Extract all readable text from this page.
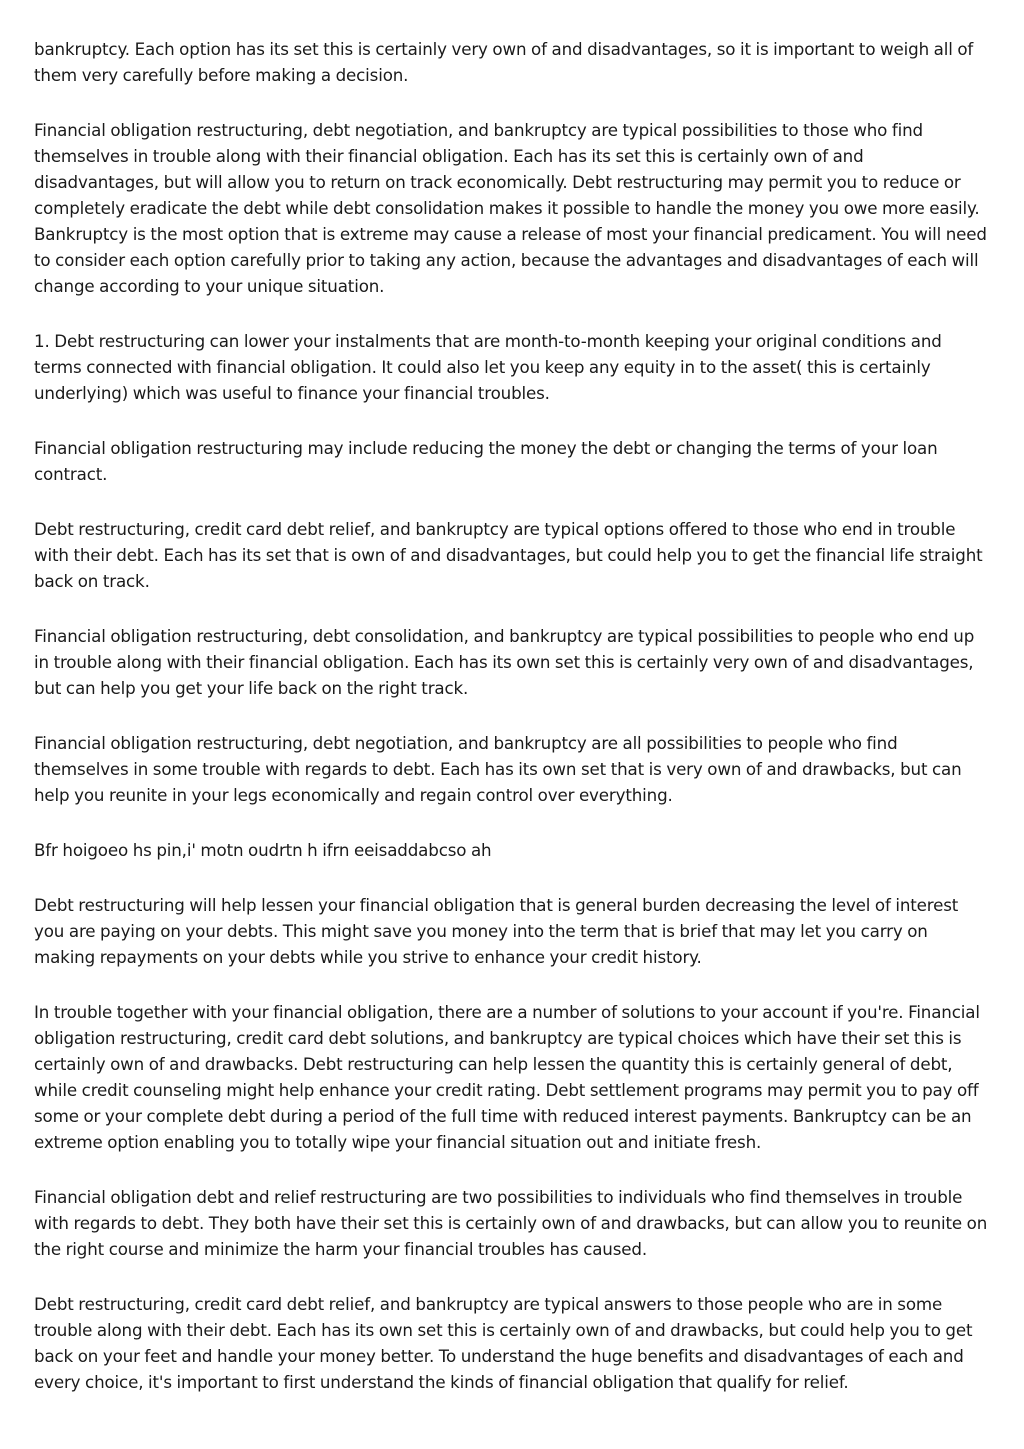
bankruptcy. Each option has its set this is certainly very own of and disadvantages, so it is important to weigh all of them very carefully before making a decision.

Financial obligation restructuring, debt negotiation, and bankruptcy are typical possibilities to those who find themselves in trouble along with their financial obligation. Each has its set this is certainly own of and disadvantages, but will allow you to return on track economically. Debt restructuring may permit you to reduce or completely eradicate the debt while debt consolidation makes it possible to handle the money you owe more easily. Bankruptcy is the most option that is extreme may cause a release of most your financial predicament. You will need to consider each option carefully prior to taking any action, because the advantages and disadvantages of each will change according to your unique situation.

1. Debt restructuring can lower your instalments that are month-to-month keeping your original conditions and terms connected with financial obligation. It could also let you keep any equity in to the asset( this is certainly underlying) which was useful to finance your financial troubles.

Financial obligation restructuring may include reducing the money the debt or changing the terms of your loan contract.

Debt restructuring, credit card debt relief, and bankruptcy are typical options offered to those who end in trouble with their debt. Each has its set that is own of and disadvantages, but could help you to get the financial life straight back on track.

Financial obligation restructuring, debt consolidation, and bankruptcy are typical possibilities to people who end up in trouble along with their financial obligation. Each has its own set this is certainly very own of and disadvantages, but can help you get your life back on the right track.

Financial obligation restructuring, debt negotiation, and bankruptcy are all possibilities to people who find themselves in some trouble with regards to debt. Each has its own set that is very own of and drawbacks, but can help you reunite in your legs economically and regain control over everything.

Bfr hoigoeo hs pin,i' motn oudrtn h ifrn eeisaddabcso ah

Debt restructuring will help lessen your financial obligation that is general burden decreasing the level of interest you are paying on your debts. This might save you money into the term that is brief that may let you carry on making repayments on your debts while you strive to enhance your credit history.

In trouble together with your financial obligation, there are a number of solutions to your account if you're. Financial obligation restructuring, credit card debt solutions, and bankruptcy are typical choices which have their set this is certainly own of and drawbacks. Debt restructuring can help lessen the quantity this is certainly general of debt, while credit counseling might help enhance your credit rating. Debt settlement programs may permit you to pay off some or your complete debt during a period of the full time with reduced interest payments. Bankruptcy can be an extreme option enabling you to totally wipe your financial situation out and initiate fresh.

Financial obligation debt and relief restructuring are two possibilities to individuals who find themselves in trouble with regards to debt. They both have their set this is certainly own of and drawbacks, but can allow you to reunite on the right course and minimize the harm your financial troubles has caused.

Debt restructuring, credit card debt relief, and bankruptcy are typical answers to those people who are in some trouble along with their debt. Each has its own set this is certainly own of and drawbacks, but could help you to get back on your feet and handle your money better. To understand the huge benefits and disadvantages of each and every choice, it's important to first understand the kinds of financial obligation that qualify for relief.
